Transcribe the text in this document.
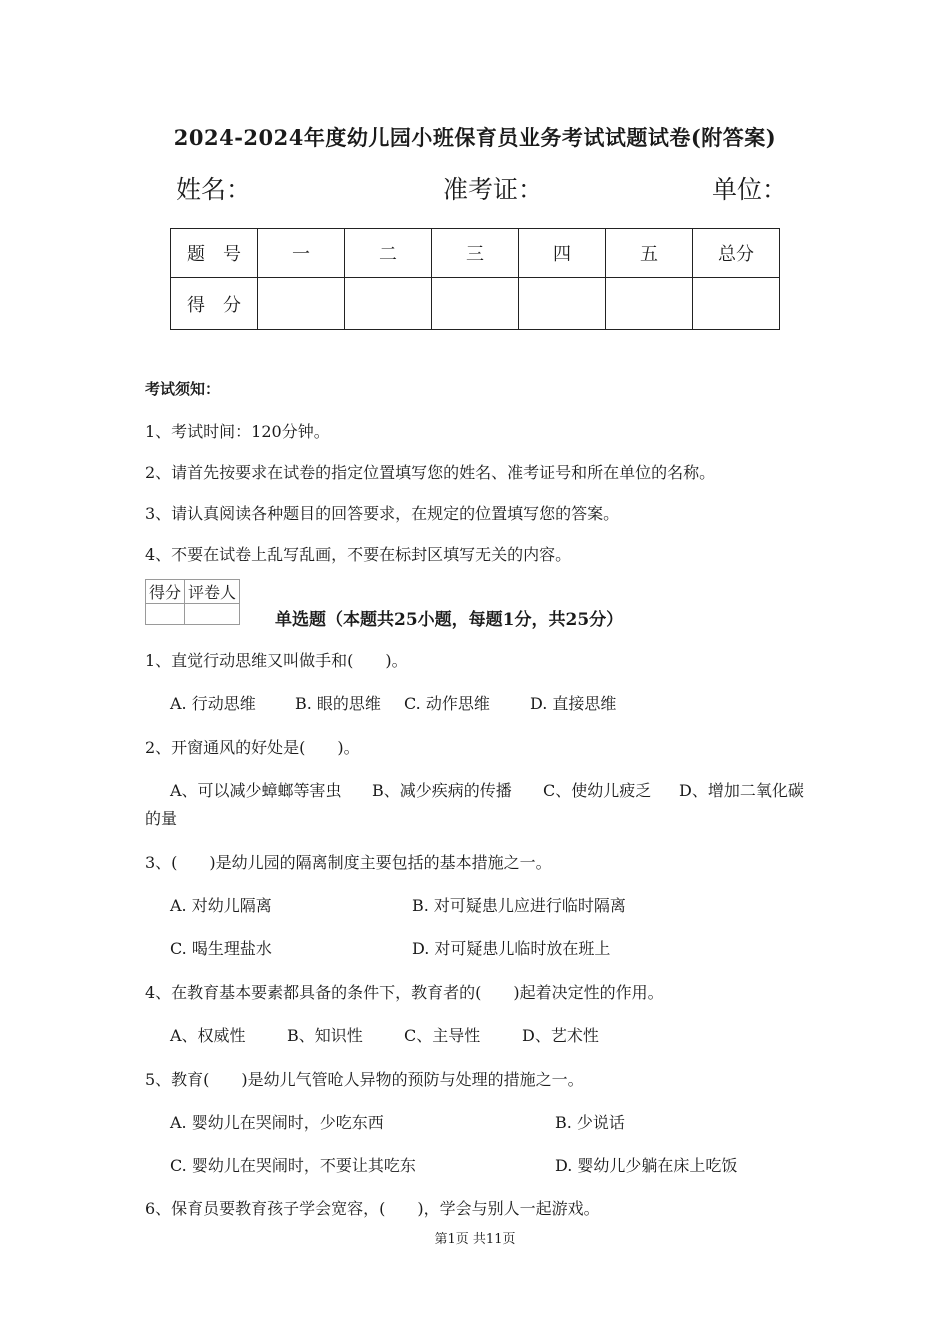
2024-2024年度幼儿园小班保育员业务考试试题试卷(附答案)
姓名：	准考证：	单位：
题　号	一	二	三	四	五	总分
得　分						
考试须知：
1、考试时间：120分钟。
2、请首先按要求在试卷的指定位置填写您的姓名、准考证号和所在单位的名称。
3、请认真阅读各种题目的回答要求，在规定的位置填写您的答案。
4、不要在试卷上乱写乱画，不要在标封区填写无关的内容。
得分	评卷人

单选题（本题共25小题，每题1分，共25分）
1、直觉行动思维又叫做手和(　　)。
A. 行动思维 B. 眼的思维 C. 动作思维	D. 直接思维
2、开窗通风的好处是(　　)。
A、可以减少蟑螂等害虫 B、减少疾病的传播 C、使幼儿疲乏 D、增加二氧化碳
的量
3、(　　)是幼儿园的隔离制度主要包括的基本措施之一。
A. 对幼儿隔离	B. 对可疑患儿应进行临时隔离
C. 喝生理盐水	D. 对可疑患儿临时放在班上
4、在教育基本要素都具备的条件下，教育者的(　　)起着决定性的作用。
A、权威性	B、知识性	C、主导性	D、艺术性
5、教育(　　)是幼儿气管呛人异物的预防与处理的措施之一。
A. 婴幼儿在哭闹时，少吃东西	B. 少说话
C. 婴幼儿在哭闹时，不要让其吃东	D. 婴幼儿少躺在床上吃饭
6、保育员要教育孩子学会宽容，(　　)，学会与别人一起游戏。
第1页 共11页
